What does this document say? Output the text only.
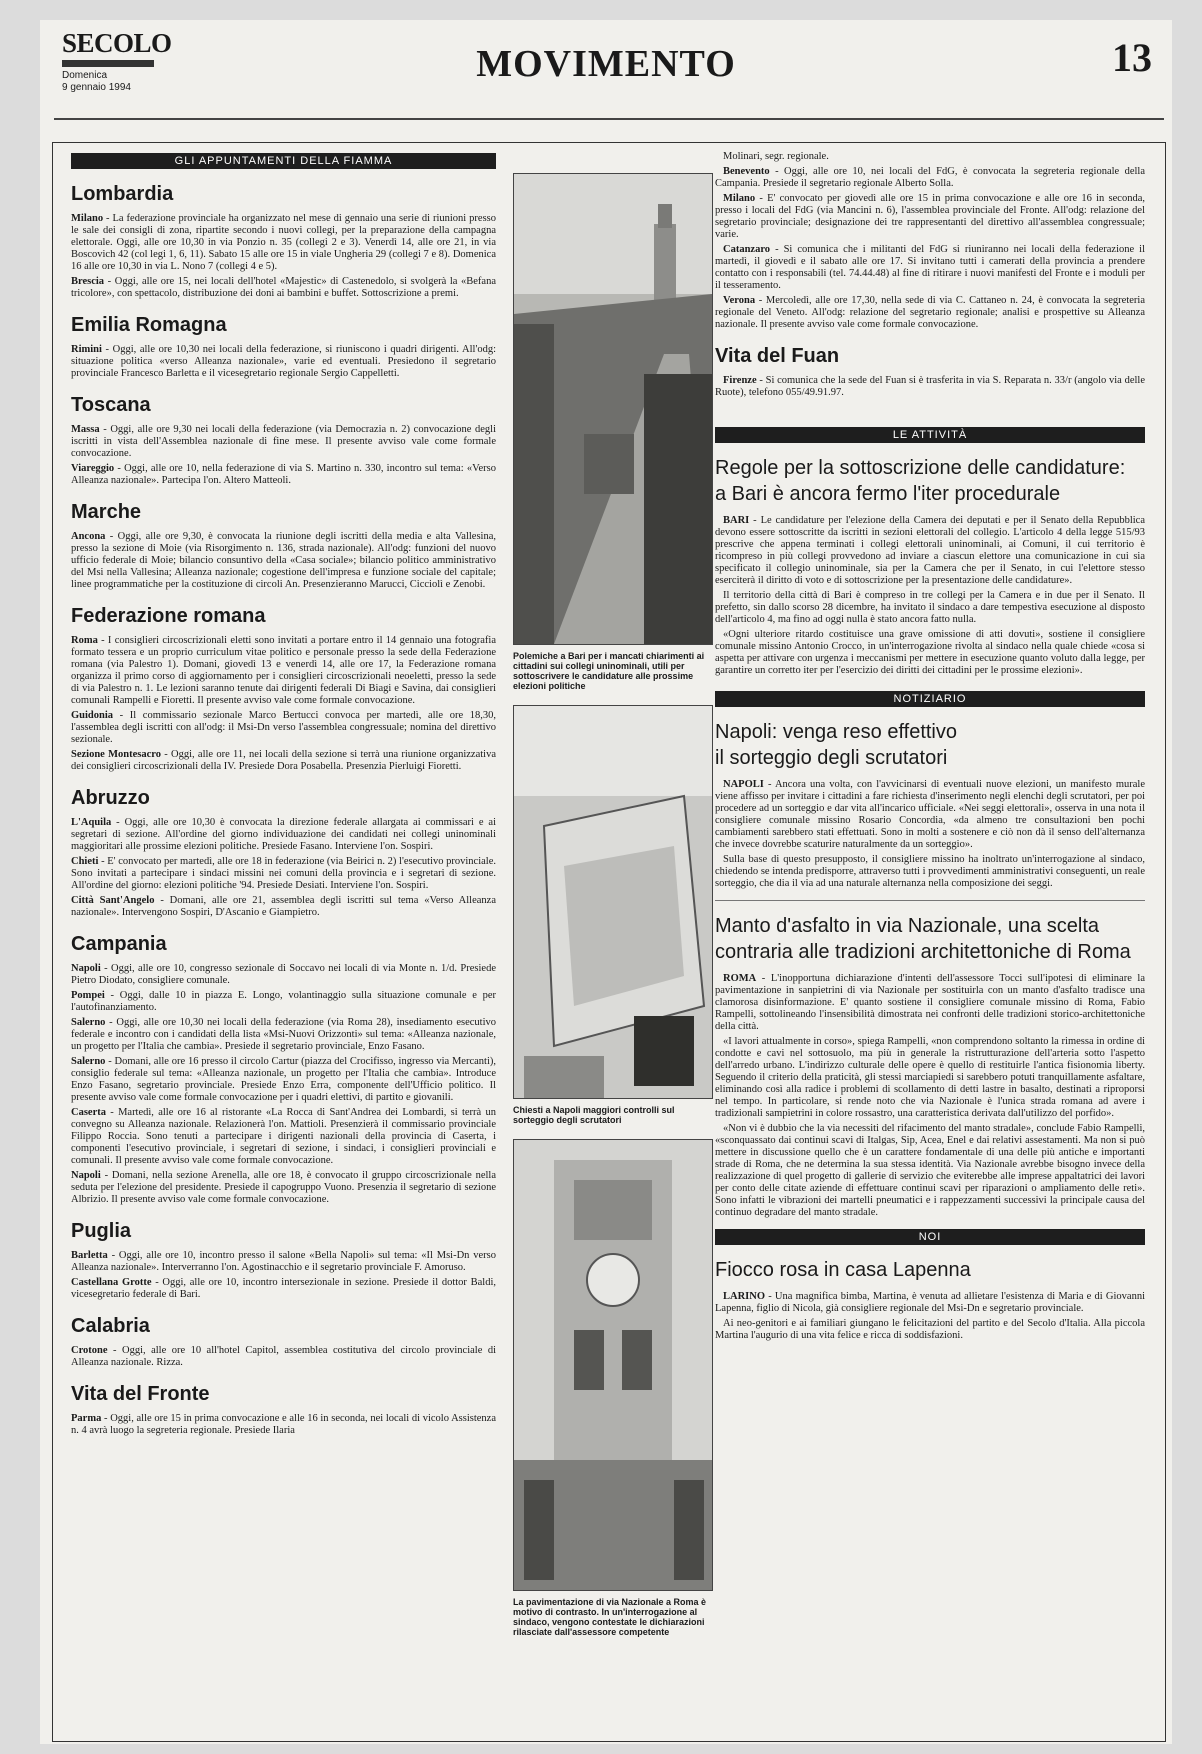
SECOLO
Domenica
9 gennaio 1994
MOVIMENTO	13
GLI APPUNTAMENTI DELLA FIAMMA
Lombardia

Milano - La federazione provinciale ha organizzato nel mese di gennaio una serie di riunioni presso le sale dei consigli di zona, ripartite secondo i nuovi collegi, per la preparazione della campagna elettorale. Oggi, alle ore 10,30 in via Ponzio n. 35 (collegi 2 e 3). Venerdì 14, alle ore 21, in via Boscovich 42 (col legi 1, 6, 11). Sabato 15 alle ore 15 in viale Ungheria 29 (collegi 7 e 8). Domenica 16 alle ore 10,30 in via L. Nono 7 (collegi 4 e 5).

Brescia - Oggi, alle ore 15, nei locali dell'hotel «Majestic» di Castenedolo, si svolgerà la «Befana tricolore», con spettacolo, distribuzione dei doni ai bambini e buffet. Sottoscrizione a premi.

Emilia Romagna

Rimini - Oggi, alle ore 10,30 nei locali della federazione, si riuniscono i quadri dirigenti. All'odg: situazione politica «verso Alleanza nazionale», varie ed eventuali. Presiedono il segretario provinciale Francesco Barletta e il vicesegretario regionale Sergio Cappelletti.

Toscana

Massa - Oggi, alle ore 9,30 nei locali della federazione (via Democrazia n. 2) convocazione degli iscritti in vista dell'Assemblea nazionale di fine mese. Il presente avviso vale come formale convocazione.

Viareggio - Oggi, alle ore 10, nella federazione di via S. Martino n. 330, incontro sul tema: «Verso Alleanza nazionale». Partecipa l'on. Altero Matteoli.

Marche

Ancona - Oggi, alle ore 9,30, è convocata la riunione degli iscritti della media e alta Vallesina, presso la sezione di Moie (via Risorgimento n. 136, strada nazionale). All'odg: funzioni del nuovo ufficio federale di Moie; bilancio consuntivo della «Casa sociale»; bilancio politico amministrativo del Msi nella Vallesina; Alleanza nazionale; cogestione dell'impresa e funzione sociale del capitale; linee programmatiche per la costituzione di circoli An. Presenzieranno Marucci, Cicciolì e Zenobi.

Federazione romana

Roma - I consiglieri circoscrizionali eletti sono invitati a portare entro il 14 gennaio una fotografia formato tessera e un proprio curriculum vitae politico e personale presso la sede della Federazione romana (via Palestro 1). Domani, giovedì 13 e venerdì 14, alle ore 17, la Federazione romana organizza il primo corso di aggiornamento per i consiglieri circoscrizionali neoeletti, presso la sede di via Palestro n. 1. Le lezioni saranno tenute dai dirigenti federali Di Biagi e Savina, dai consiglieri comunali Rampelli e Fioretti. Il presente avviso vale come formale convocazione.

Guidonia - Il commissario sezionale Marco Bertucci convoca per martedì, alle ore 18,30, l'assemblea degli iscritti con all'odg: il Msi-Dn verso l'assemblea congressuale; nomina del direttivo sezionale.

Sezione Montesacro - Oggi, alle ore 11, nei locali della sezione si terrà una riunione organizzativa dei consiglieri circoscrizionali della IV. Presiede Dora Posabella. Presenzia Pierluigi Fioretti.

Abruzzo

L'Aquila - Oggi, alle ore 10,30 è convocata la direzione federale allargata ai commissari e ai segretari di sezione. All'ordine del giorno individuazione dei candidati nei collegi uninominali maggioritari alle prossime elezioni politiche. Presiede Fasano. Interviene l'on. Sospiri.

Chieti - E' convocato per martedì, alle ore 18 in federazione (via Beirici n. 2) l'esecutivo provinciale. Sono invitati a partecipare i sindaci missini nei comuni della provincia e i segretari di sezione. All'ordine del giorno: elezioni politiche '94. Presiede Desiati. Interviene l'on. Sospiri.

Città Sant'Angelo - Domani, alle ore 21, assemblea degli iscritti sul tema «Verso Alleanza nazionale». Intervengono Sospiri, D'Ascanio e Giampietro.

Campania

Napoli - Oggi, alle ore 10, congresso sezionale di Soccavo nei locali di via Monte n. 1/d. Presiede Pietro Diodato, consigliere comunale.

Pompei - Oggi, dalle 10 in piazza E. Longo, volantinaggio sulla situazione comunale e per l'autofinanziamento.

Salerno - Oggi, alle ore 10,30 nei locali della federazione (via Roma 28), insediamento esecutivo federale e incontro con i candidati della lista «Msi-Nuovi Orizzonti» sul tema: «Alleanza nazionale, un progetto per l'Italia che cambia». Presiede il segretario provinciale, Enzo Fasano.

Salerno - Domani, alle ore 16 presso il circolo Cartur (piazza del Crocifisso, ingresso via Mercanti), consiglio federale sul tema: «Alleanza nazionale, un progetto per l'Italia che cambia». Introduce Enzo Fasano, segretario provinciale. Presiede Enzo Erra, componente dell'Ufficio politico. Il presente avviso vale come formale convocazione per i quadri elettivi, di partito e giovanili.

Caserta - Martedì, alle ore 16 al ristorante «La Rocca di Sant'Andrea dei Lombardi, si terrà un convegno su Alleanza nazionale. Relazionerà l'on. Mattioli. Presenzierà il commissario provinciale Filippo Roccia. Sono tenuti a partecipare i dirigenti nazionali della provincia di Caserta, i componenti l'esecutivo provinciale, i segretari di sezione, i sindaci, i consiglieri provinciali e comunali. Il presente avviso vale come formale convocazione.

Napoli - Domani, nella sezione Arenella, alle ore 18, è convocato il gruppo circoscrizionale nella seduta per l'elezione del presidente. Presiede il capogruppo Vuono. Presenzia il segretario di sezione Albrizio. Il presente avviso vale come formale convocazione.

Puglia

Barletta - Oggi, alle ore 10, incontro presso il salone «Bella Napoli» sul tema: «Il Msi-Dn verso Alleanza nazionale». Interverranno l'on. Agostinacchio e il segretario provinciale F. Amoruso.

Castellana Grotte - Oggi, alle ore 10, incontro intersezionale in sezione. Presiede il dottor Baldi, vicesegretario federale di Bari.

Calabria

Crotone - Oggi, alle ore 10 all'hotel Capitol, assemblea costitutiva del circolo provinciale di Alleanza nazionale. Rizza.

Vita del Fronte

Parma - Oggi, alle ore 15 in prima convocazione e alle 16 in seconda, nei locali di vicolo Assistenza n. 4 avrà luogo la segreteria regionale. Presiede Ilaria

Polemiche a Bari per i mancati chiarimenti ai cittadini sui collegi uninominali, utili per sottoscrivere le candidature alle prossime elezioni politiche
Chiesti a Napoli maggiori controlli sul sorteggio degli scrutatori
La pavimentazione di via Nazionale a Roma è motivo di contrasto. In un'interrogazione al sindaco, vengono contestate le dichiarazioni rilasciate dall'assessore competente

Molinari, segr. regionale.

Benevento - Oggi, alle ore 10, nei locali del FdG, è convocata la segreteria regionale della Campania. Presiede il segretario regionale Alberto Solla.

Milano - E' convocato per giovedì alle ore 15 in prima convocazione e alle ore 16 in seconda, presso i locali del FdG (via Mancini n. 6), l'assemblea provinciale del Fronte. All'odg: relazione del segretario provinciale; designazione dei tre rappresentanti del direttivo all'assemblea congressuale; varie.

Catanzaro - Si comunica che i militanti del FdG si riuniranno nei locali della federazione il martedì, il giovedì e il sabato alle ore 17. Si invitano tutti i camerati della provincia a prendere contatto con i responsabili (tel. 74.44.48) al fine di ritirare i nuovi manifesti del Fronte e i moduli per il tesseramento.

Verona - Mercoledì, alle ore 17,30, nella sede di via C. Cattaneo n. 24, è convocata la segreteria regionale del Veneto. All'odg: relazione del segretario regionale; analisi e prospettive su Alleanza nazionale. Il presente avviso vale come formale convocazione.

Vita del Fuan

Firenze - Si comunica che la sede del Fuan si è trasferita in via S. Reparata n. 33/r (angolo via delle Ruote), telefono 055/49.91.97.

LE ATTIVITÀ
Regole per la sottoscrizione delle candidature:
a Bari è ancora fermo l'iter procedurale

BARI - Le candidature per l'elezione della Camera dei deputati e per il Senato della Repubblica devono essere sottoscritte da iscritti in sezioni elettorali del collegio. L'articolo 4 della legge 515/93 prescrive che appena terminati i collegi elettorali uninominali, ai Comuni, il cui territorio è ricompreso in più collegi provvedono ad inviare a ciascun elettore una comunicazione in cui sia specificato il collegio uninominale, sia per la Camera che per il Senato, in cui l'elettore stesso eserciterà il diritto di voto e di sottoscrizione per la presentazione delle candidature».

Il territorio della città di Bari è compreso in tre collegi per la Camera e in due per il Senato. Il prefetto, sin dallo scorso 28 dicembre, ha invitato il sindaco a dare tempestiva esecuzione al disposto dell'articolo 4, ma fino ad oggi nulla è stato ancora fatto nulla.

«Ogni ulteriore ritardo costituisce una grave omissione di atti dovuti», sostiene il consigliere comunale missino Antonio Crocco, in un'interrogazione rivolta al sindaco nella quale chiede «cosa si aspetta per attivare con urgenza i meccanismi per mettere in esecuzione quanto voluto dalla legge, per garantire un corretto iter per l'esercizio dei diritti dei cittadini per le prossime elezioni».

NOTIZIARIO
Napoli: venga reso effettivo
il sorteggio degli scrutatori

NAPOLI - Ancora una volta, con l'avvicinarsi di eventuali nuove elezioni, un manifesto murale viene affisso per invitare i cittadini a fare richiesta d'inserimento negli elenchi degli scrutatori, per poi procedere ad un sorteggio e dar vita all'incarico ufficiale. «Nei seggi elettorali», osserva in una nota il consigliere comunale missino Rosario Concordia, «da almeno tre consultazioni ben pochi cambiamenti sarebbero stati effettuati. Sono in molti a sostenere e ciò non dà il senso dell'alternanza che invece dovrebbe scaturire naturalmente da un sorteggio».

Sulla base di questo presupposto, il consigliere missino ha inoltrato un'interrogazione al sindaco, chiedendo se intenda predisporre, attraverso tutti i provvedimenti amministrativi conseguenti, un reale sorteggio, che dia il via ad una naturale alternanza nella composizione dei seggi.

Manto d'asfalto in via Nazionale, una scelta
contraria alle tradizioni architettoniche di Roma

ROMA - L'inopportuna dichiarazione d'intenti dell'assessore Tocci sull'ipotesi di eliminare la pavimentazione in sanpietrini di via Nazionale per sostituirla con un manto d'asfalto tradisce una clamorosa disinformazione. E' quanto sostiene il consigliere comunale missino di Roma, Fabio Rampelli, sottolineando l'insensibilità dimostrata nei confronti delle tradizioni storico-architettoniche della città.

«I lavori attualmente in corso», spiega Rampelli, «non comprendono soltanto la rimessa in ordine di condotte e cavi nel sottosuolo, ma più in generale la ristrutturazione dell'arteria sotto l'aspetto dell'arredo urbano. L'indirizzo culturale delle opere è quello di restituirle l'antica fisionomia liberty. Seguendo il criterio della praticità, gli stessi marciapiedi si sarebbero potuti tranquillamente asfaltare, eliminando così alla radice i problemi di scollamento di detti lastre in basalto, destinati a riproporsi nel tempo. In particolare, si rende noto che via Nazionale è l'unica strada romana ad avere i tradizionali sampietrini in colore rossastro, una caratteristica derivata dall'utilizzo del porfido».

«Non vi è dubbio che la via necessiti del rifacimento del manto stradale», conclude Fabio Rampelli, «sconquassato dai continui scavi di Italgas, Sip, Acea, Enel e dai relativi assestamenti. Ma non si può mettere in discussione quello che è un carattere fondamentale di una delle più antiche e importanti strade di Roma, che ne determina la sua stessa identità. Via Nazionale avrebbe bisogno invece della realizzazione di quel progetto di gallerie di servizio che eviterebbe alle imprese appaltatrici dei lavori per conto delle citate aziende di effettuare continui scavi per riparazioni o ampliamento delle reti». Sono infatti le vibrazioni dei martelli pneumatici e i rappezzamenti successivi la principale causa del continuo degradare del manto stradale.

NOI
Fiocco rosa in casa Lapenna

LARINO - Una magnifica bimba, Martina, è venuta ad allietare l'esistenza di Maria e di Giovanni Lapenna, figlio di Nicola, già consigliere regionale del Msi-Dn e segretario provinciale.

Ai neo-genitori e ai familiari giungano le felicitazioni del partito e del Secolo d'Italia. Alla piccola Martina l'augurio di una vita felice e ricca di soddisfazioni.
